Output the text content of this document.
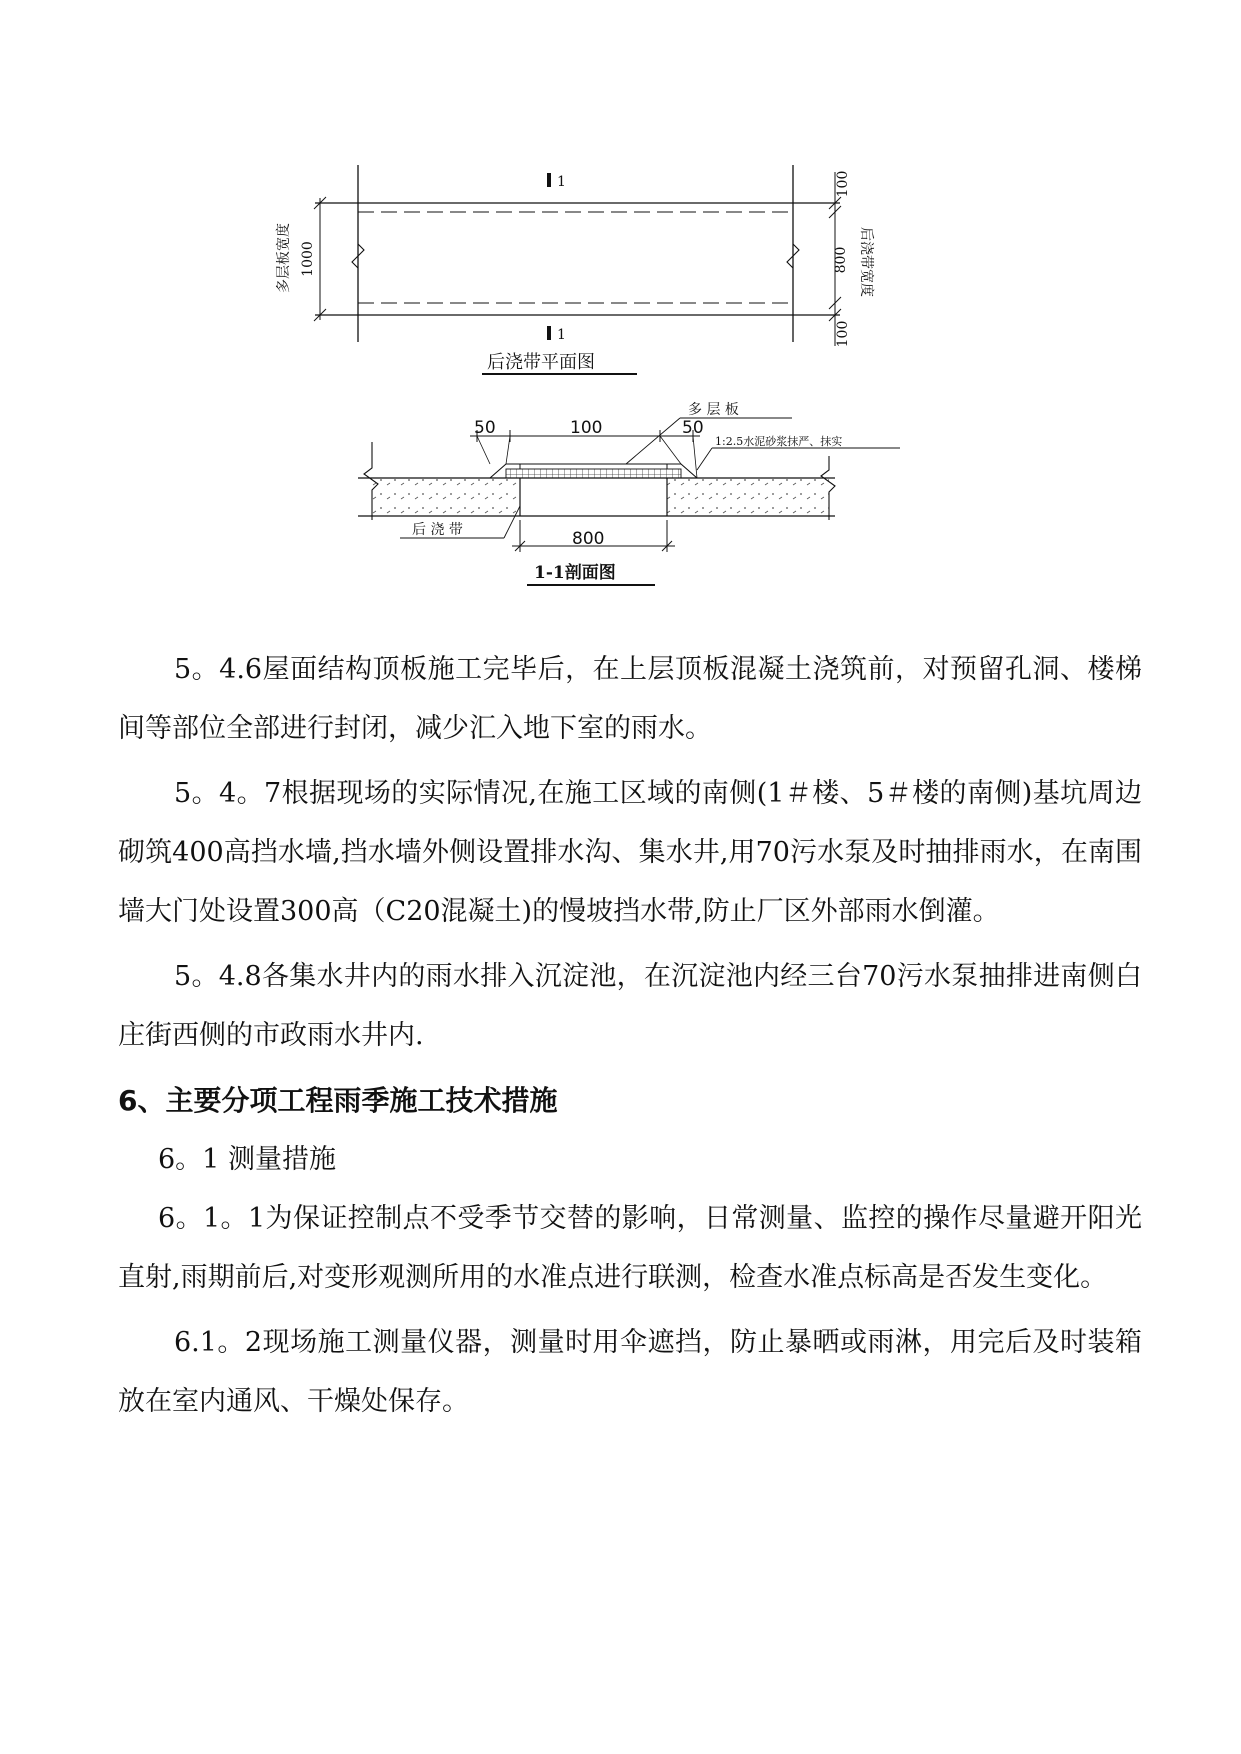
1
1
多层板宽度 1000
100
800
100
后浇带宽度
后浇带平面图
50	100	50
多 层 板
1:2.5水泥砂浆抹严、抹实
800
后 浇 带
1-1剖面图

5。4.6屋面结构顶板施工完毕后，在上层顶板混凝土浇筑前，对预留孔洞、楼梯间等部位全部进行封闭，减少汇入地下室的雨水。

5。4。7根据现场的实际情况,在施工区域的南侧(1＃楼、5＃楼的南侧)基坑周边砌筑400高挡水墙,挡水墙外侧设置排水沟、集水井,用70污水泵及时抽排雨水，在南围墙大门处设置300高（C20混凝土)的慢坡挡水带,防止厂区外部雨水倒灌。

5。4.8各集水井内的雨水排入沉淀池，在沉淀池内经三台70污水泵抽排进南侧白庄街西侧的市政雨水井内.

6、主要分项工程雨季施工技术措施

6。1 测量措施

6。1。1为保证控制点不受季节交替的影响，日常测量、监控的操作尽量避开阳光直射,雨期前后,对变形观测所用的水准点进行联测，检查水准点标高是否发生变化。

6.1。2现场施工测量仪器，测量时用伞遮挡，防止暴晒或雨淋，用完后及时装箱放在室内通风、干燥处保存。
